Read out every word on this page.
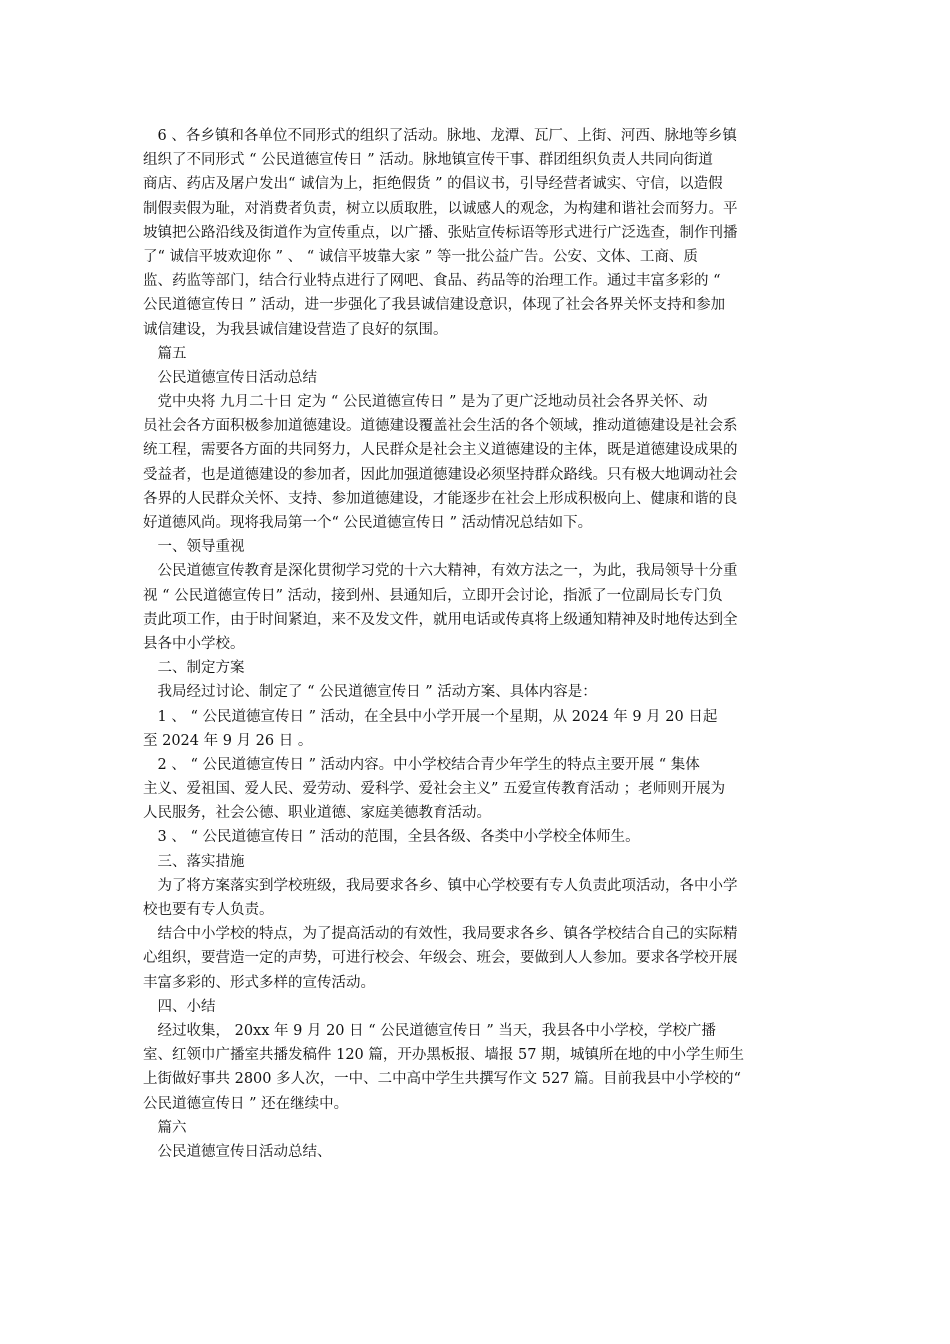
　6 、各乡镇和各单位不同形式的组织了活动。脉地、龙潭、瓦厂、上街、河西、脉地等乡镇
组织了不同形式 “ 公民道德宣传日 ” 活动。脉地镇宣传干事、群团组织负责人共同向街道
商店、药店及屠户发出“ 诚信为上，拒绝假货 ” 的倡议书，引导经营者诚实、守信，以造假
制假卖假为耻，对消费者负责，树立以质取胜，以诚感人的观念，为构建和谐社会而努力。平
坡镇把公路沿线及街道作为宣传重点，以广播、张贴宣传标语等形式进行广泛选查，制作刊播
了“ 诚信平坡欢迎你 ” 、 “ 诚信平坡靠大家 ” 等一批公益广告。公安、文体、工商、质
监、药监等部门，结合行业特点进行了网吧、食品、药品等的治理工作。通过丰富多彩的 “
公民道德宣传日 ” 活动，进一步强化了我县诚信建设意识，体现了社会各界关怀支持和参加
诚信建设，为我县诚信建设营造了良好的氛围。
　篇五
　公民道德宣传日活动总结
　党中央将 九月二十日 定为 “ 公民道德宣传日 ” 是为了更广泛地动员社会各界关怀、动
员社会各方面积极参加道德建设。道德建设覆盖社会生活的各个领域，推动道德建设是社会系
统工程，需要各方面的共同努力，人民群众是社会主义道德建设的主体，既是道德建设成果的
受益者，也是道德建设的参加者，因此加强道德建设必须坚持群众路线。只有极大地调动社会
各界的人民群众关怀、支持、参加道德建设，才能逐步在社会上形成积极向上、健康和谐的良
好道德风尚。现将我局第一个“ 公民道德宣传日 ” 活动情况总结如下。
　一、领导重视
　公民道德宣传教育是深化贯彻学习党的十六大精神，有效方法之一，为此，我局领导十分重
视 “ 公民道德宣传日” 活动，接到州、县通知后，立即开会讨论，指派了一位副局长专门负
责此项工作，由于时间紧迫，来不及发文件，就用电话或传真将上级通知精神及时地传达到全
县各中小学校。
　二、制定方案
　我局经过讨论、制定了 “ 公民道德宣传日 ” 活动方案、具体内容是：
　1 、 “ 公民道德宣传日 ” 活动，在全县中小学开展一个星期，从 2024 年 9 月 20 日起
至 2024 年 9 月 26 日 。
　2 、 “ 公民道德宣传日 ” 活动内容。中小学校结合青少年学生的特点主要开展 “ 集体
主义、爱祖国、爱人民、爱劳动、爱科学、爱社会主义” 五爱宣传教育活动 ；老师则开展为
人民服务，社会公德、职业道德、家庭美德教育活动。
　3 、 “ 公民道德宣传日 ” 活动的范围，全县各级、各类中小学校全体师生。
　三、落实措施
　为了将方案落实到学校班级，我局要求各乡、镇中心学校要有专人负责此项活动，各中小学
校也要有专人负责。
　结合中小学校的特点，为了提高活动的有效性，我局要求各乡、镇各学校结合自己的实际精
心组织，要营造一定的声势，可进行校会、年级会、班会，要做到人人参加。要求各学校开展
丰富多彩的、形式多样的宣传活动。
　四、小结
　经过收集， 20xx 年 9 月 20 日 “ 公民道德宣传日 ” 当天，我县各中小学校，学校广播
室、红领巾广播室共播发稿件 120 篇，开办黑板报、墙报 57 期，城镇所在地的中小学生师生
上街做好事共 2800 多人次，一中、二中高中学生共撰写作文 527 篇。目前我县中小学校的“
公民道德宣传日 ” 还在继续中。
　篇六
　公民道德宣传日活动总结、
